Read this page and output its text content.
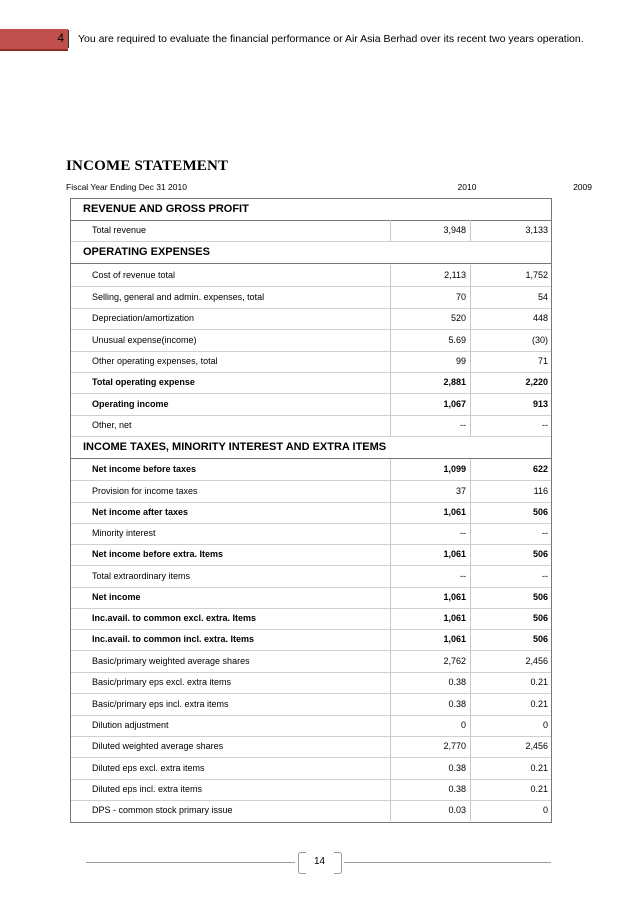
4 You are required to evaluate the financial performance or Air Asia Berhad over its recent two years operation.
INCOME STATEMENT
Fiscal Year Ending Dec 31 2010	2010	2009
REVENUE AND GROSS PROFIT
Total revenue	3,948	3,133
OPERATING EXPENSES
Cost of revenue total	2,113	1,752
Selling, general and admin. expenses, total	70	54
Depreciation/amortization	520	448
Unusual expense(income)	5.69	(30)
Other operating expenses, total	99	71
Total operating expense	2,881	2,220
Operating income	1,067	913
Other, net	--	--
INCOME TAXES, MINORITY INTEREST AND EXTRA ITEMS
Net income before taxes	1,099	622
Provision for income taxes	37	116
Net income after taxes	1,061	506
Minority interest	--	--
Net income before extra. Items	1,061	506
Total extraordinary items	--	--
Net income	1,061	506
Inc.avail. to common excl. extra. Items	1,061	506
Inc.avail. to common incl. extra. Items	1,061	506
Basic/primary weighted average shares	2,762	2,456
Basic/primary eps excl. extra items	0.38	0.21
Basic/primary eps incl. extra items	0.38	0.21
Dilution adjustment	0	0
Diluted weighted average shares	2,770	2,456
Diluted eps excl. extra items	0.38	0.21
Diluted eps incl. extra items	0.38	0.21
DPS - common stock primary issue	0.03	0
14
